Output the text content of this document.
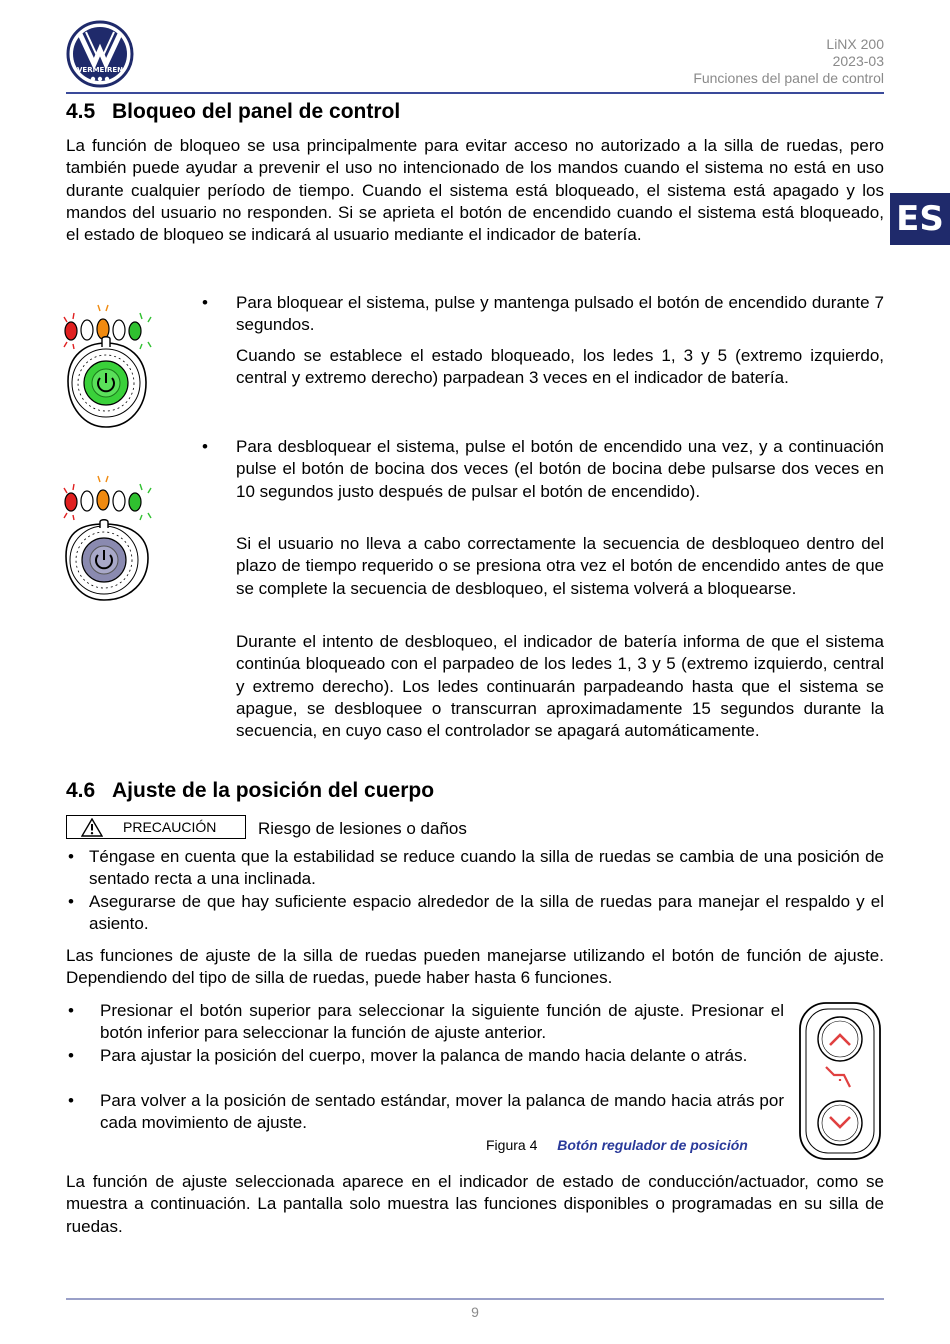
VERMEIREN
LiNX 200
2023-03
Funciones del panel de control
ES
4.5 Bloqueo del panel de control
La función de bloqueo se usa principalmente para evitar acceso no autorizado a la silla de ruedas, pero también puede ayudar a prevenir el uso no intencionado de los mandos cuando el sistema no está en uso durante cualquier período de tiempo. Cuando el sistema está bloqueado, el sistema está apagado y los mandos del usuario no responden. Si se aprieta el botón de encendido cuando el sistema está bloqueado, el estado de bloqueo se indicará al usuario mediante el indicador de batería.
• Para bloquear el sistema, pulse y mantenga pulsado el botón de encendido durante 7 segundos.
Cuando se establece el estado bloqueado, los ledes 1, 3 y 5 (extremo izquierdo, central y extremo derecho) parpadean 3 veces en el indicador de batería.
• Para desbloquear el sistema, pulse el botón de encendido una vez, y a continuación pulse el botón de bocina dos veces (el botón de bocina debe pulsarse dos veces en 10 segundos justo después de pulsar el botón de encendido).
Si el usuario no lleva a cabo correctamente la secuencia de desbloqueo dentro del plazo de tiempo requerido o se presiona otra vez el botón de encendido antes de que se complete la secuencia de desbloqueo, el sistema volverá a bloquearse.
Durante el intento de desbloqueo, el indicador de batería informa de que el sistema continúa bloqueado con el parpadeo de los ledes 1, 3 y 5 (extremo izquierdo, central y extremo derecho). Los ledes continuarán parpadeando hasta que el sistema se apague, se desbloquee o transcurran aproximadamente 15 segundos durante la secuencia, en cuyo caso el controlador se apagará automáticamente.
4.6 Ajuste de la posición del cuerpo
PRECAUCIÓN Riesgo de lesiones o daños
• Téngase en cuenta que la estabilidad se reduce cuando la silla de ruedas se cambia de una posición de sentado recta a una inclinada.
• Asegurarse de que hay suficiente espacio alrededor de la silla de ruedas para manejar el respaldo y el asiento.
Las funciones de ajuste de la silla de ruedas pueden manejarse utilizando el botón de función de ajuste. Dependiendo del tipo de silla de ruedas, puede haber hasta 6 funciones.
• Presionar el botón superior para seleccionar la siguiente función de ajuste. Presionar el botón inferior para seleccionar la función de ajuste anterior.
• Para ajustar la posición del cuerpo, mover la palanca de mando hacia delante o atrás.
• Para volver a la posición de sentado estándar, mover la palanca de mando hacia atrás por cada movimiento de ajuste.
Figura 4 Botón regulador de posición
La función de ajuste seleccionada aparece en el indicador de estado de conducción/actuador, como se muestra a continuación. La pantalla solo muestra las funciones disponibles o programadas en su silla de ruedas.
9
